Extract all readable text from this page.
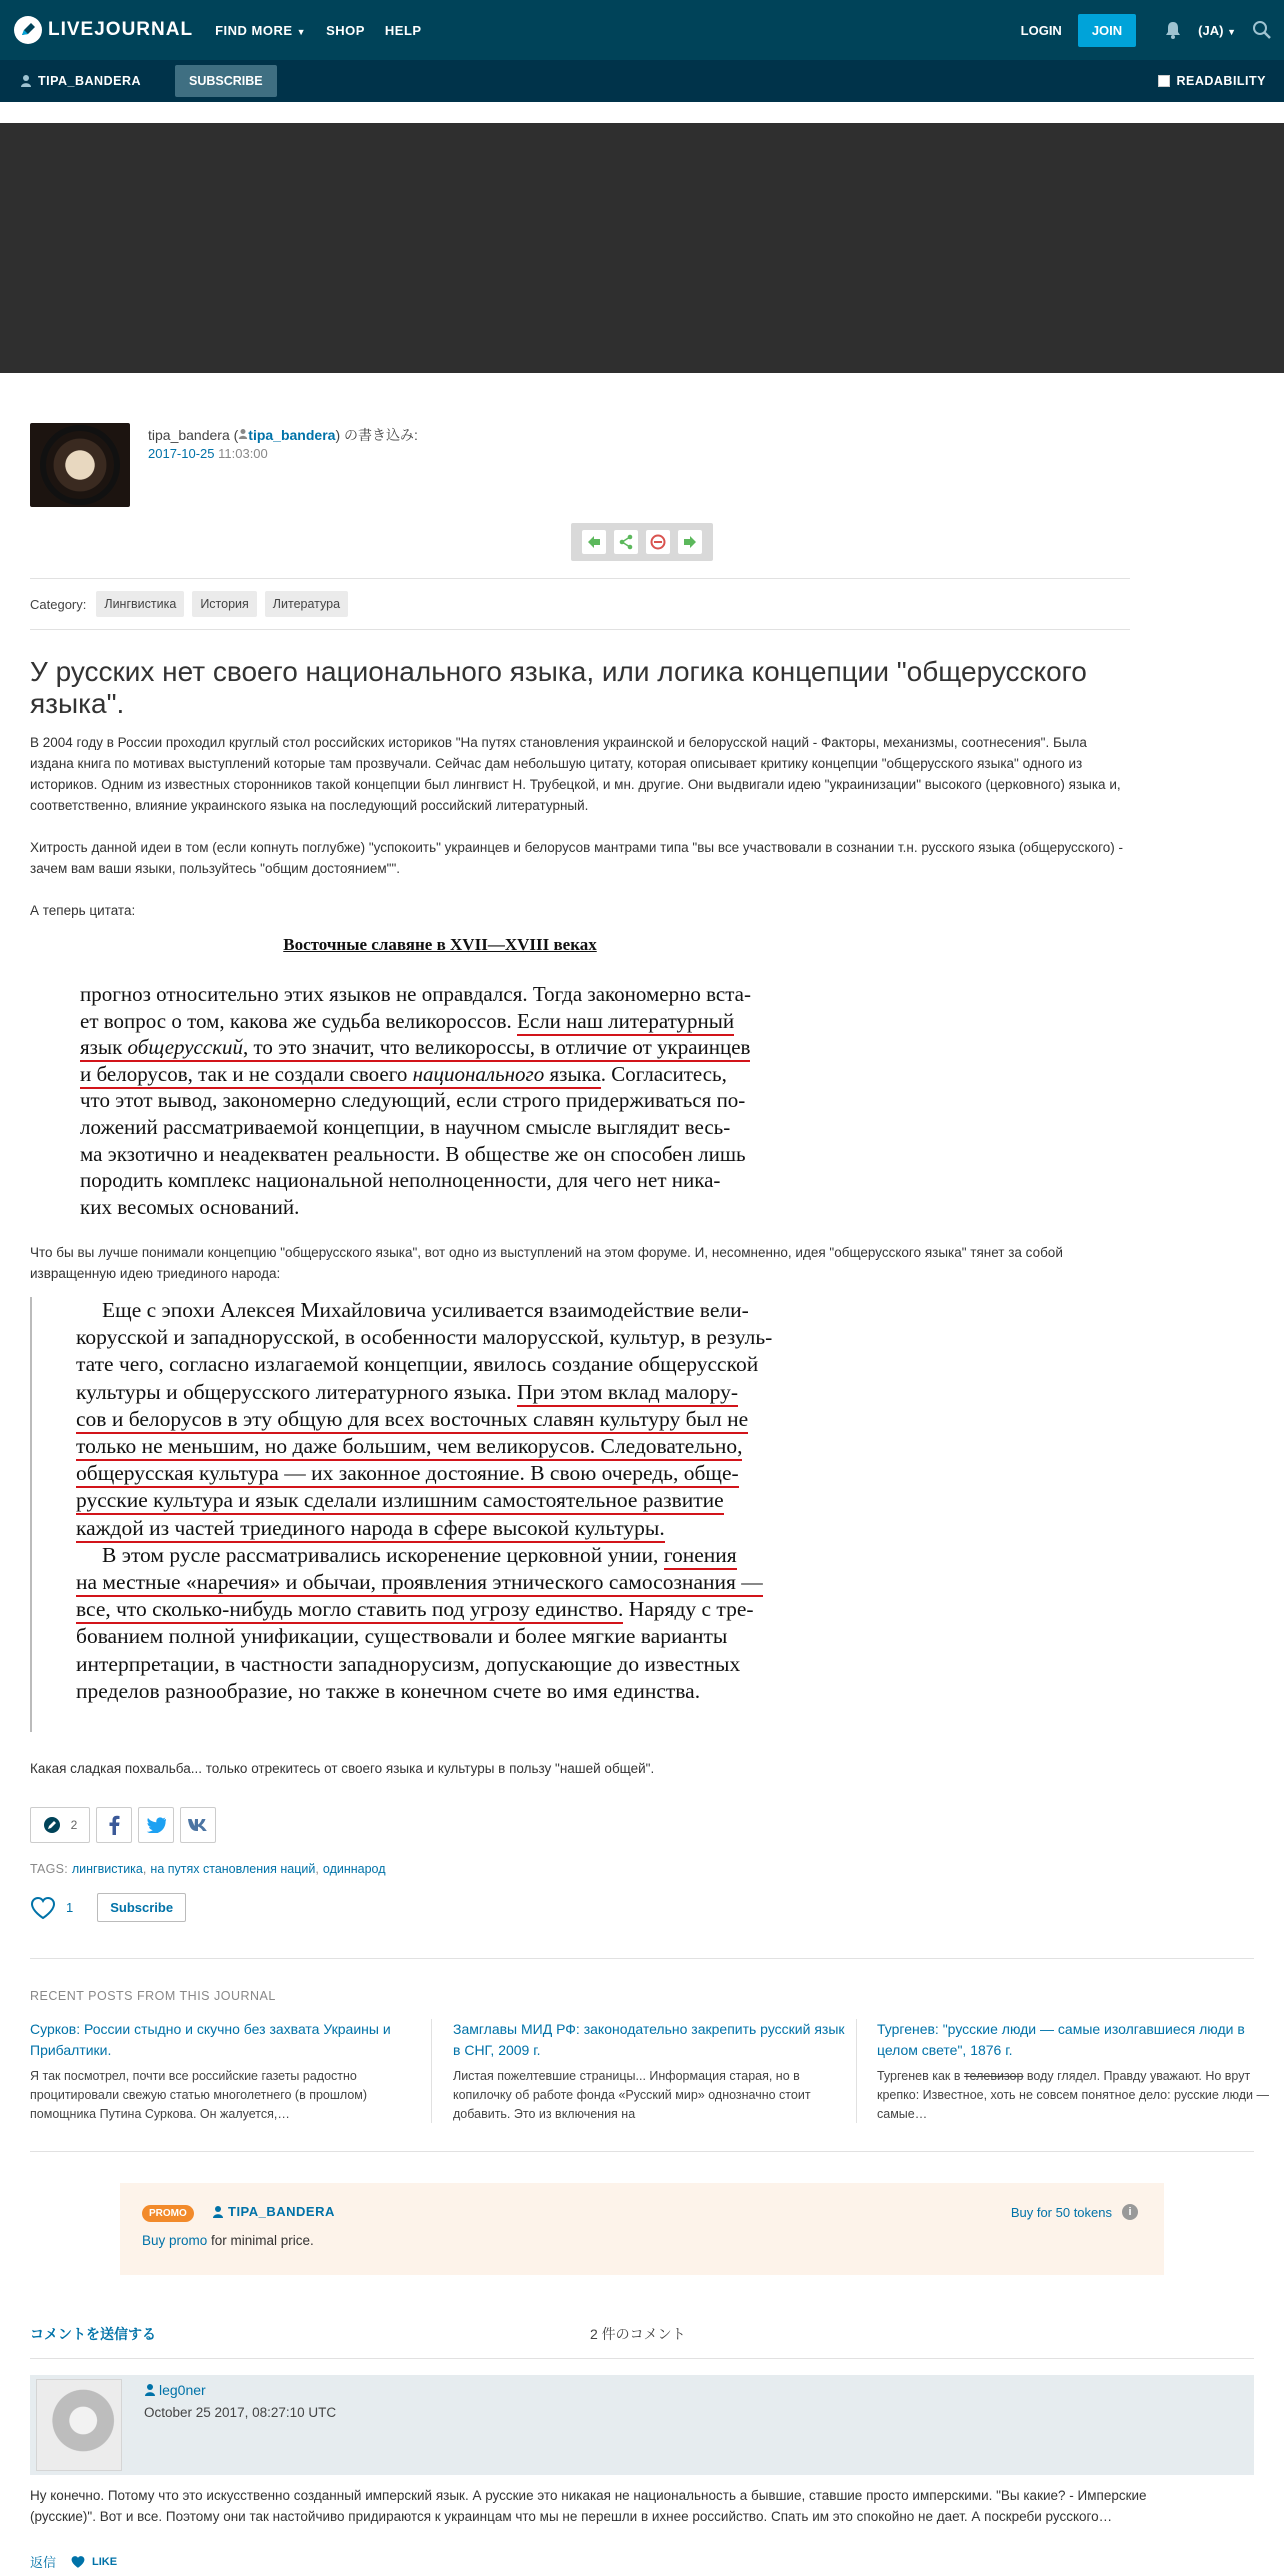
LIVEJOURNAL FIND MORE ▼ SHOP HELP	LOGIN	JOIN	(JA) ▼
TIPA_BANDERA	SUBSCRIBE	READABILITY
tipa_bandera ( tipa_bandera) の書き込み:
2017-10-25 11:03:00
Category:	Лингвистика	История	Литература
У русских нет своего национального языка, или логика концепции "общерусского языка".
В 2004 году в России проходил круглый стол российских историков "На путях становления украинской и белорусской наций - Факторы, механизмы, соотнесения". Была издана книга по мотивах выступлений которые там прозвучали. Сейчас дам небольшую цитату, которая описывает критику концепции "общерусского языка" одного из историков. Одним из известных сторонников такой концепции был лингвист Н. Трубецкой, и мн. другие. Они выдвигали идею "украинизации" высокого (церковного) языка и, соответственно, влияние украинского языка на последующий российский литературный.
Хитрость данной идеи в том (если копнуть поглубже) "успокоить" украинцев и белорусов мантрами типа "вы все участвовали в сознании т.н. русского языка (общерусского) - зачем вам ваши языки, пользуйтесь "общим достоянием"".
А теперь цитата:
Восточные славяне в XVII—XVIII веках
прогноз относительно этих языков не оправдался. Тогда закономерно вста-
ет вопрос о том, какова же судьба великороссов. Если наш литературный
язык общерусский, то это значит, что великороссы, в отличие от украинцев
и белорусов, так и не создали своего национального языка. Согласитесь,
что этот вывод, закономерно следующий, если строго придерживаться по-
ложений рассматриваемой концепции, в научном смысле выглядит весь-
ма экзотично и неадекватен реальности. В обществе же он способен лишь
породить комплекс национальной неполноценности, для чего нет ника-
ких весомых оснований.
Что бы вы лучше понимали концепцию "общерусского языка", вот одно из выступлений на этом форуме. И, несомненно, идея "общерусского языка" тянет за собой извращенную идею триединого народа:
Еще с эпохи Алексея Михайловича усиливается взаимодействие вели-
корусской и западнорусской, в особенности малорусской, культур, в резуль-
тате чего, согласно излагаемой концепции, явилось создание общерусской
культуры и общерусского литературного языка. При этом вклад малору-
сов и белорусов в эту общую для всех восточных славян культуру был не
только не меньшим, но даже большим, чем великорусов. Следовательно,
общерусская культура — их законное достояние. В свою очередь, обще-
русские культура и язык сделали излишним самостоятельное развитие
каждой из частей триединого народа в сфере высокой культуры.
В этом русле рассматривались искоренение церковной унии, гонения
на местные «наречия» и обычаи, проявления этнического самосознания —
все, что сколько-нибудь могло ставить под угрозу единство. Наряду с тре-
бованием полной унификации, существовали и более мягкие варианты
интерпретации, в частности западнорусизм, допускающие до известных
пределов разнообразие, но также в конечном счете во имя единства.
Какая сладкая похвальба... только отрекитесь от своего языка и культуры в пользу "нашей общей".
2
TAGS: лингвистика, на путях становления наций, одиннарод
1	Subscribe
RECENT POSTS FROM THIS JOURNAL
Сурков: России стыдно и скучно без захвата Украины и Прибалтики.
Я так посмотрел, почти все российские газеты радостно процитировали свежую статью многолетнего (в прошлом) помощника Путина Суркова. Он жалуется,…
Замглавы МИД РФ: законодательно закрепить русский язык в СНГ, 2009 г.
Листая пожелтевшие страницы... Информация старая, но в копилочку об работе фонда «Русский мир» однозначно стоит добавить. Это из включения на
Тургенев: "русские люди — самые изолгавшиеся люди в целом свете", 1876 г.
Тургенев как в телевизор воду глядел. Правду уважают. Но врут крепко: Известное, хоть не совсем понятное дело: русские люди — самые…
PROMO	TIPA_BANDERA	Buy for 50 tokens	i
Buy promo for minimal price.
コメントを送信する	2 件のコメント
leg0ner
October 25 2017, 08:27:10 UTC
Ну конечно. Потому что это искусственно созданный имперский язык. А русские это никакая не национальность а бывшие, ставшие просто имперскими. "Вы какие? - Имперские (русские)". Вот и все. Поэтому они так настойчиво придираются к украинцам что мы не перешли в ихнее российство. Спать им это спокойно не дает. А поскреби русского…
返信	LIKE
